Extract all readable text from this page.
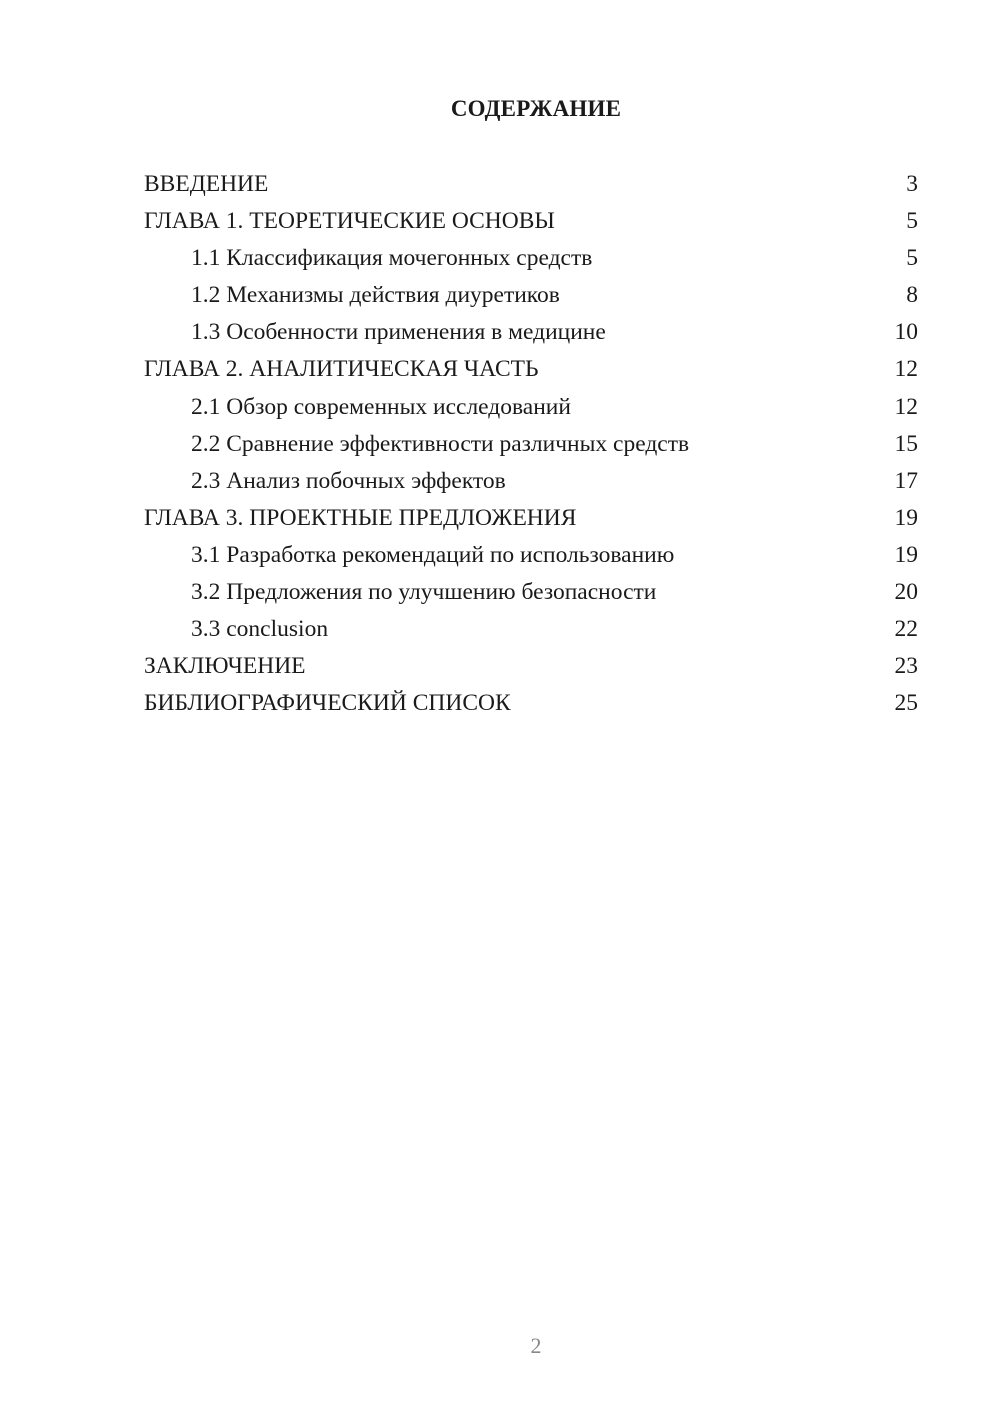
СОДЕРЖАНИЕ
ВВЕДЕНИЕ	3
ГЛАВА 1. ТЕОРЕТИЧЕСКИЕ ОСНОВЫ	5
1.1 Классификация мочегонных средств	5
1.2 Механизмы действия диуретиков	8
1.3 Особенности применения в медицине	10
ГЛАВА 2. АНАЛИТИЧЕСКАЯ ЧАСТЬ	12
2.1 Обзор современных исследований	12
2.2 Сравнение эффективности различных средств	15
2.3 Анализ побочных эффектов	17
ГЛАВА 3. ПРОЕКТНЫЕ ПРЕДЛОЖЕНИЯ	19
3.1 Разработка рекомендаций по использованию	19
3.2 Предложения по улучшению безопасности	20
3.3 conclusion	22
ЗАКЛЮЧЕНИЕ	23
БИБЛИОГРАФИЧЕСКИЙ СПИСОК	25
2
